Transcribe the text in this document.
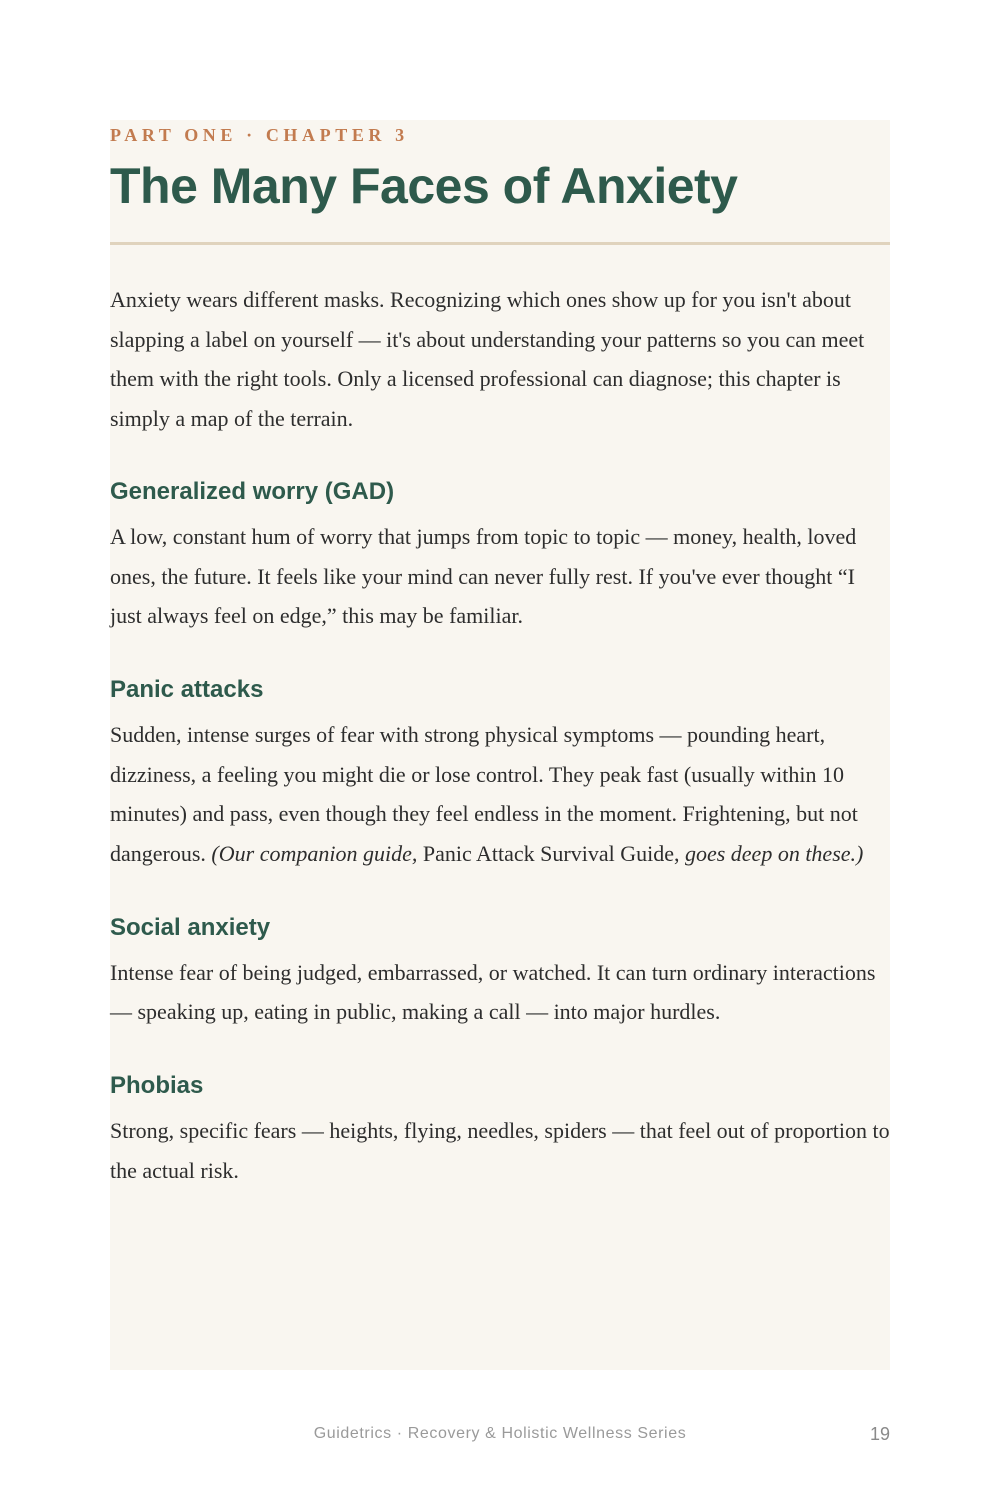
PART ONE · CHAPTER 3
The Many Faces of Anxiety

Anxiety wears different masks. Recognizing which ones show up for you isn't about slapping a label on yourself — it's about understanding your patterns so you can meet them with the right tools. Only a licensed professional can diagnose; this chapter is simply a map of the terrain.

Generalized worry (GAD)

A low, constant hum of worry that jumps from topic to topic — money, health, loved ones, the future. It feels like your mind can never fully rest. If you've ever thought “I just always feel on edge,” this may be familiar.

Panic attacks

Sudden, intense surges of fear with strong physical symptoms — pounding heart, dizziness, a feeling you might die or lose control. They peak fast (usually within 10 minutes) and pass, even though they feel endless in the moment. Frightening, but not dangerous. (Our companion guide, Panic Attack Survival Guide, goes deep on these.)

Social anxiety

Intense fear of being judged, embarrassed, or watched. It can turn ordinary interactions — speaking up, eating in public, making a call — into major hurdles.

Phobias

Strong, specific fears — heights, flying, needles, spiders — that feel out of proportion to the actual risk.

Guidetrics · Recovery & Holistic Wellness Series	19
